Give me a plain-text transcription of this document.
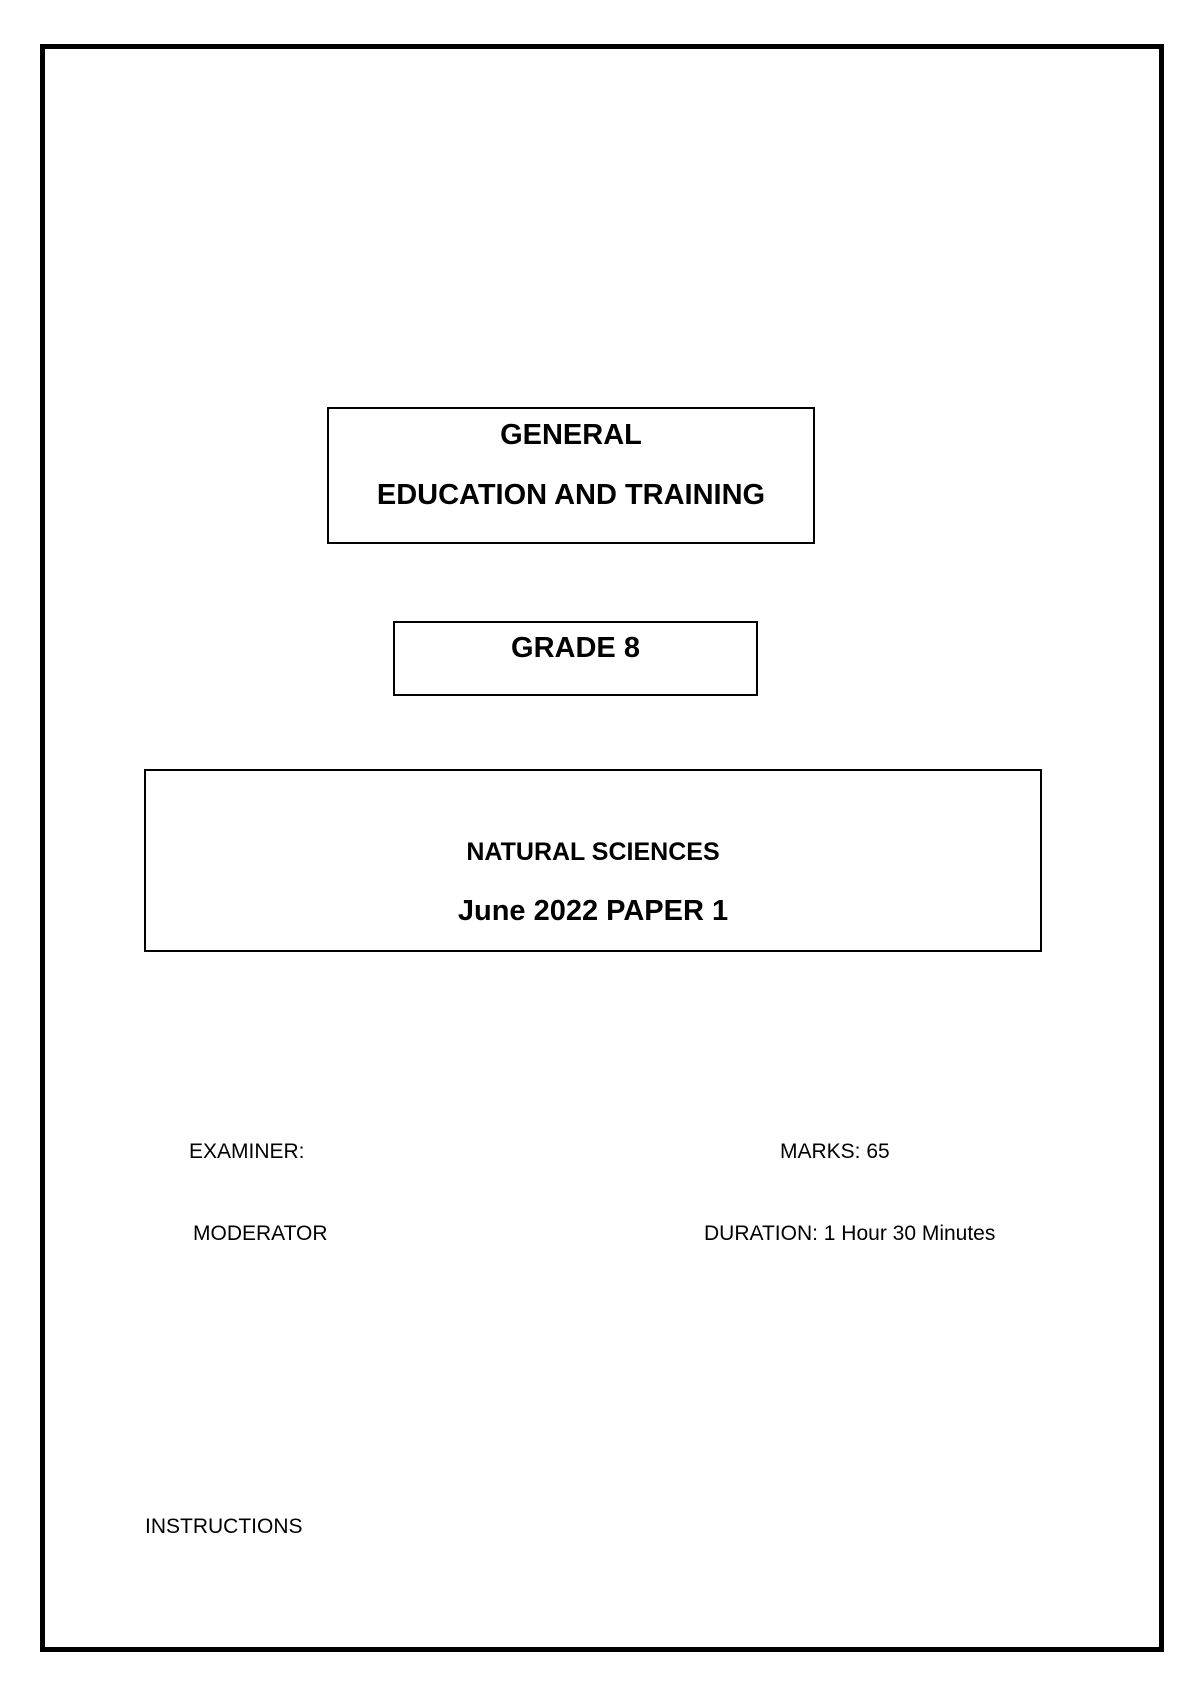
GENERAL
EDUCATION AND TRAINING
GRADE 8
NATURAL SCIENCES
June 2022 PAPER 1
EXAMINER:
MODERATOR
MARKS: 65
DURATION: 1 Hour 30 Minutes
INSTRUCTIONS
